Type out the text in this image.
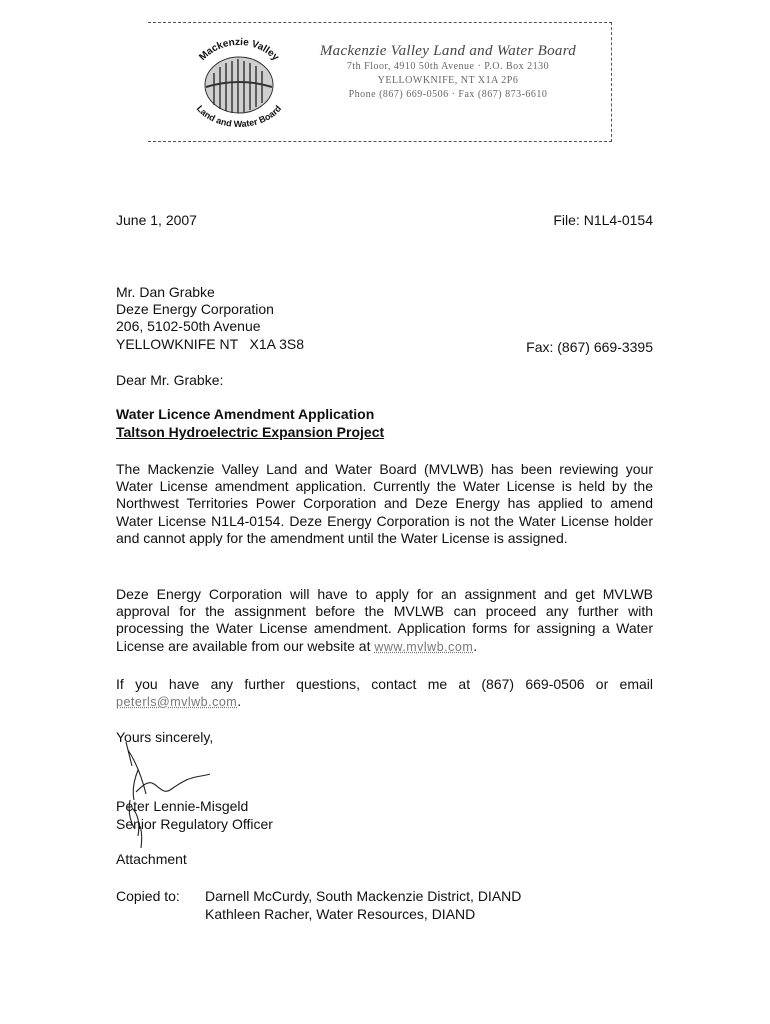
Mackenzie Valley
Land and Water Board
Mackenzie Valley Land and Water Board
7th Floor, 4910 50th Avenue · P.O. Box 2130
YELLOWKNIFE, NT X1A 2P6
Phone (867) 669-0506 · Fax (867) 873-6610
June 1, 2007	File: N1L4-0154
Mr. Dan Grabke
Deze Energy Corporation
206, 5102-50th Avenue
YELLOWKNIFE NT   X1A 3S8	Fax: (867) 669-3395
Dear Mr. Grabke:
Water Licence Amendment Application
Taltson Hydroelectric Expansion Project
The Mackenzie Valley Land and Water Board (MVLWB) has been reviewing your Water License amendment application. Currently the Water License is held by the Northwest Territories Power Corporation and Deze Energy has applied to amend Water License N1L4-0154. Deze Energy Corporation is not the Water License holder and cannot apply for the amendment until the Water License is assigned.
Deze Energy Corporation will have to apply for an assignment and get MVLWB approval for the assignment before the MVLWB can proceed any further with processing the Water License amendment. Application forms for assigning a Water License are available from our website at www.mvlwb.com.
If you have any further questions, contact me at (867) 669-0506 or email peterls@mvlwb.com.
Yours sincerely,
Peter Lennie-Misgeld
Senior Regulatory Officer
Attachment
Copied to: Darnell McCurdy, South Mackenzie District, DIAND
Kathleen Racher, Water Resources, DIAND
